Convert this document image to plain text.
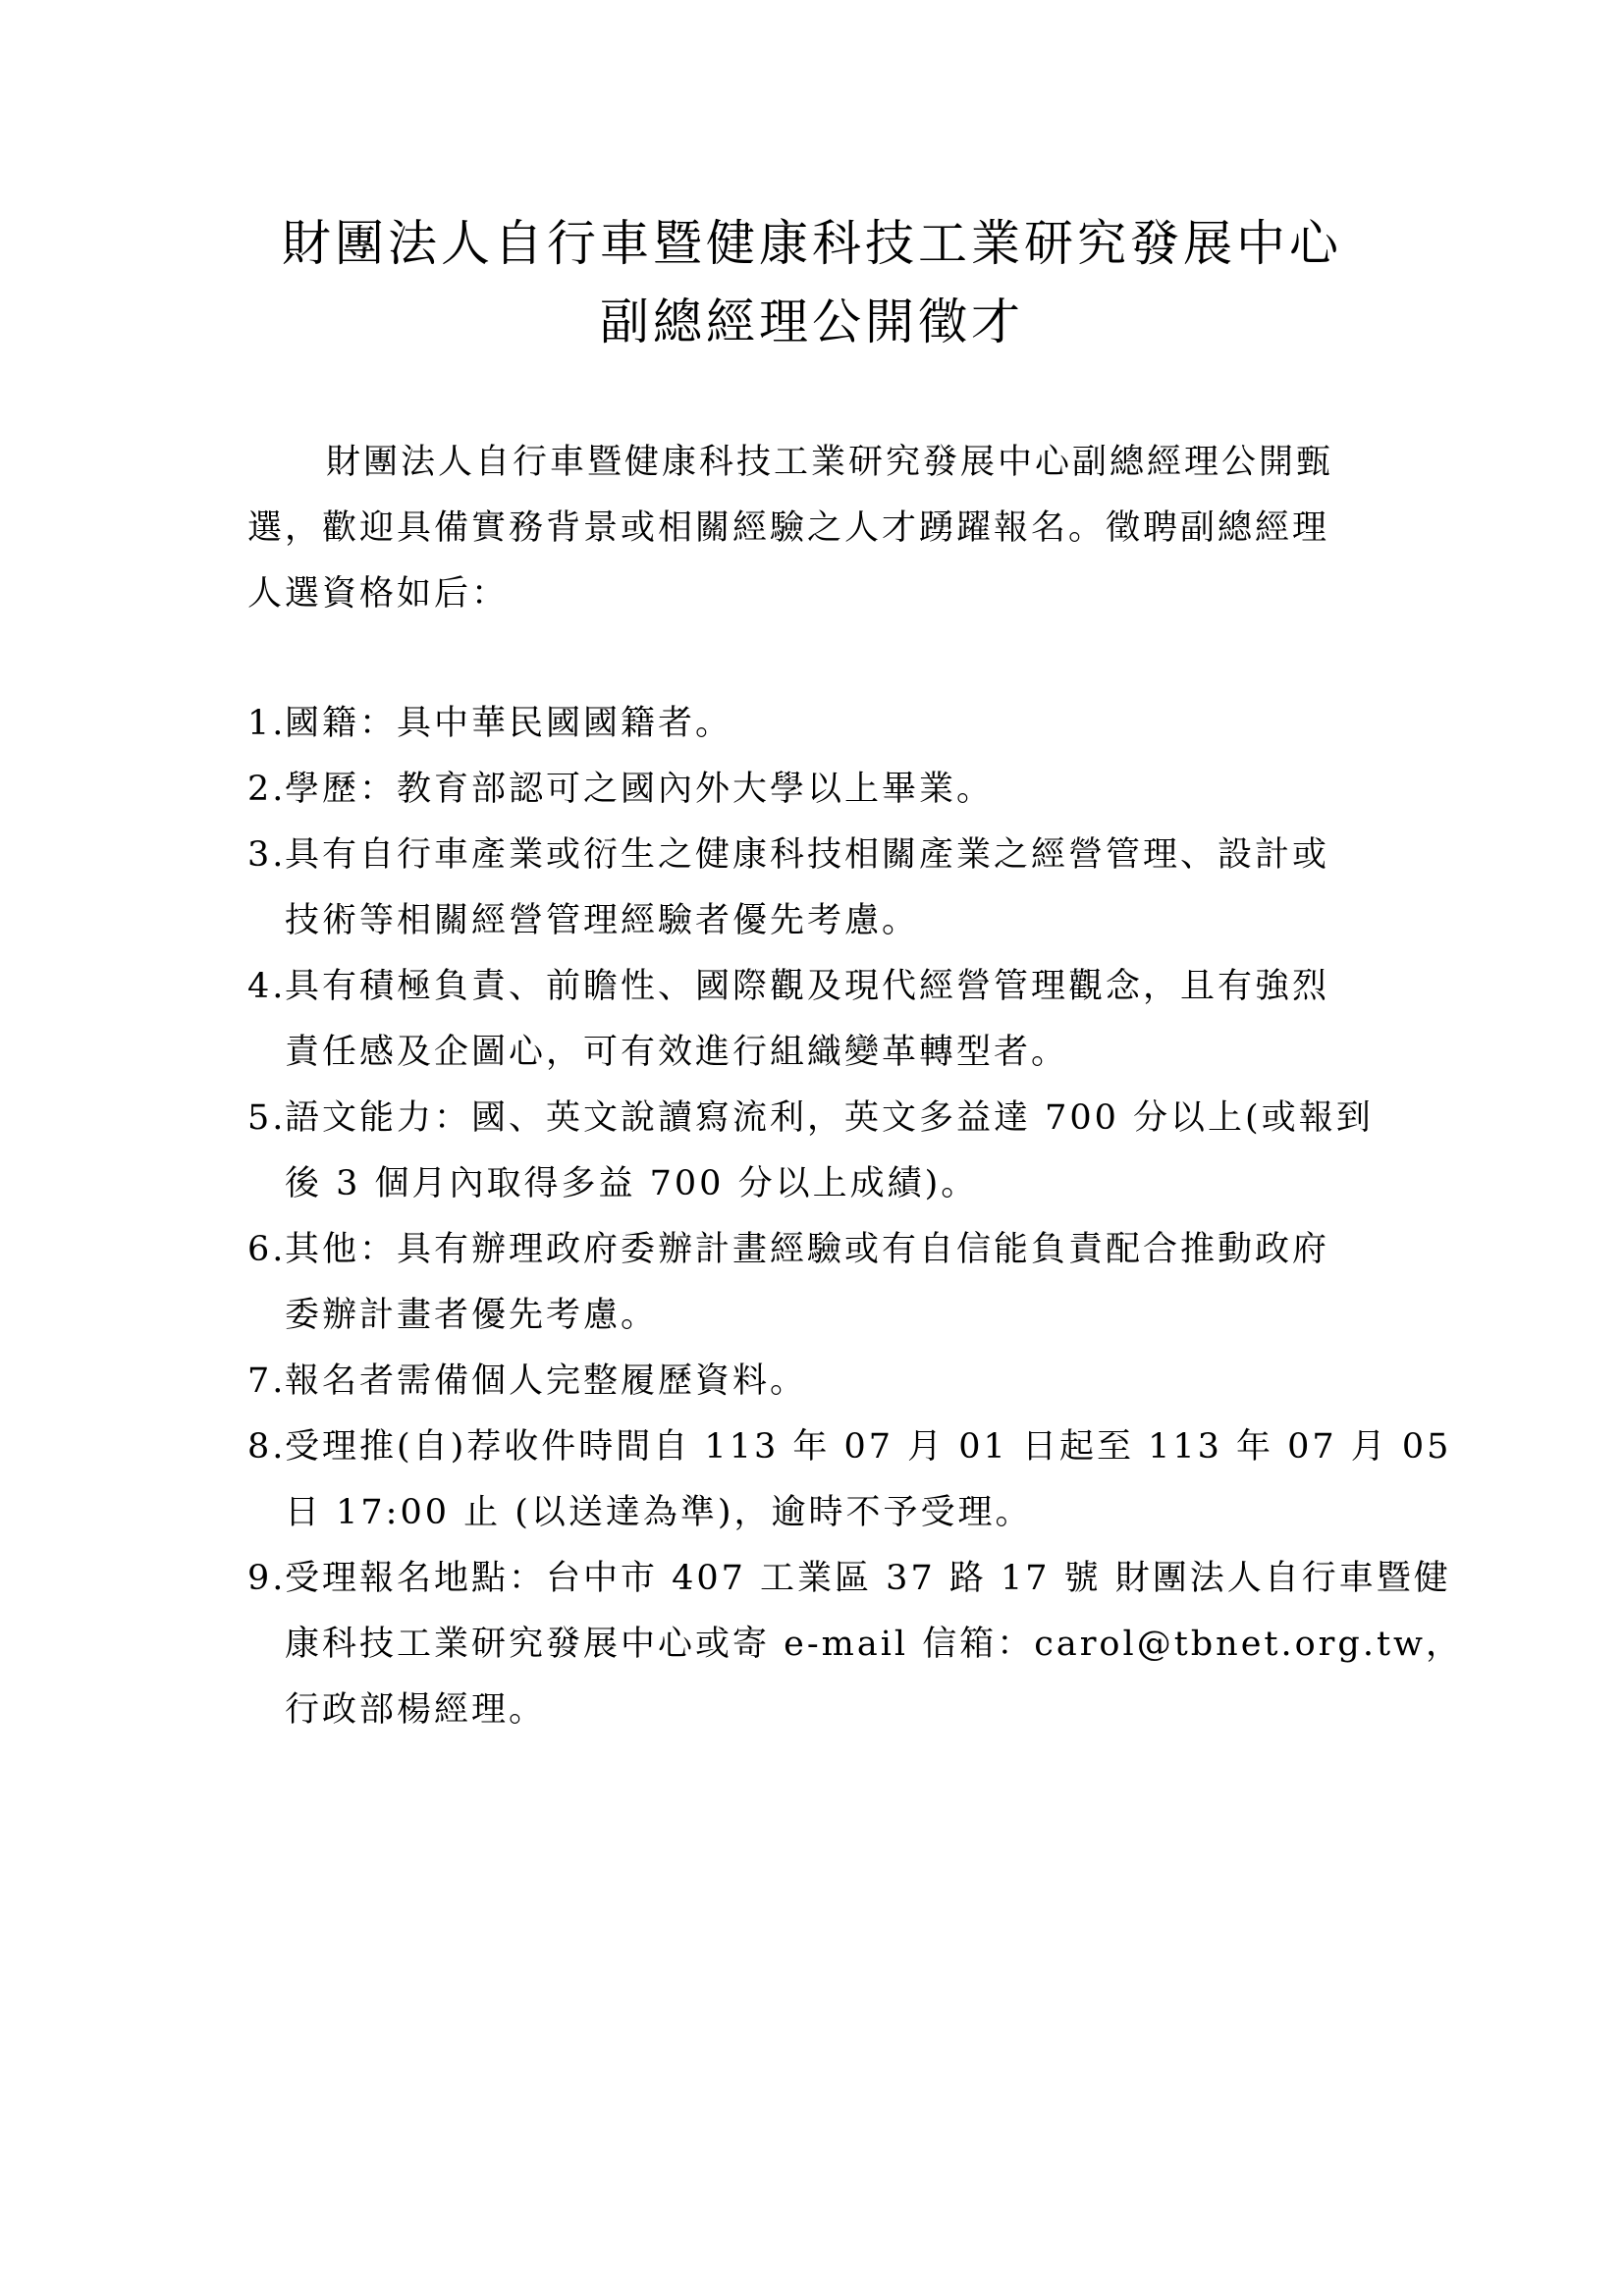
財團法人自行車暨健康科技工業研究發展中心
副總經理公開徵才
財團法人自行車暨健康科技工業研究發展中心副總經理公開甄
選，歡迎具備實務背景或相關經驗之人才踴躍報名。徵聘副總經理
人選資格如后：
1.
國籍：具中華民國國籍者。
2.
學歷：教育部認可之國內外大學以上畢業。
3.
具有自行車產業或衍生之健康科技相關產業之經營管理、設計或
技術等相關經營管理經驗者優先考慮。
4.
具有積極負責、前瞻性、國際觀及現代經營管理觀念，且有強烈
責任感及企圖心，可有效進行組織變革轉型者。
5.
語文能力：國、英文說讀寫流利，英文多益達 700 分以上(或報到
後 3 個月內取得多益 700 分以上成績)。
6.
其他：具有辦理政府委辦計畫經驗或有自信能負責配合推動政府
委辦計畫者優先考慮。
7.
報名者需備個人完整履歷資料。
8.
受理推(自)荐收件時間自 113 年 07 月 01 日起至 113 年 07 月 05
日 17:00 止 (以送達為準)，逾時不予受理。
9.
受理報名地點：台中市 407 工業區 37 路 17 號 財團法人自行車暨健
康科技工業研究發展中心或寄 e-mail 信箱：carol@tbnet.org.tw，
行政部楊經理。
